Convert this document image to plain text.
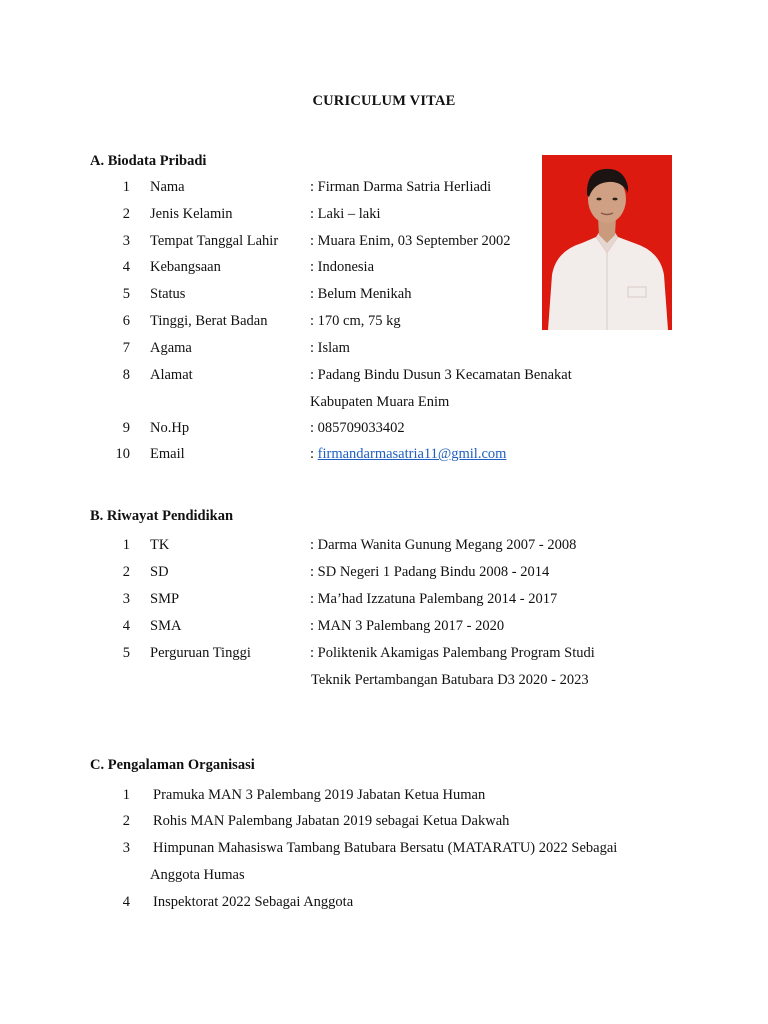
CURICULUM VITAE
A. Biodata Pribadi
1 Nama	: Firman Darma Satria Herliadi
2 Jenis Kelamin	: Laki – laki
3 Tempat Tanggal Lahir : Muara Enim, 03 September 2002
4 Kebangsaan	: Indonesia
5 Status	: Belum Menikah
6 Tinggi, Berat Badan	: 170 cm, 75 kg
7 Agama	: Islam
8 Alamat	: Padang Bindu Dusun 3 Kecamatan Benakat
Kabupaten Muara Enim
9 No.Hp	: 085709033402
10 Email	: firmandarmasatria11@gmil.com
B. Riwayat Pendidikan
1 TK	: Darma Wanita Gunung Megang 2007 - 2008
2 SD	: SD Negeri 1 Padang Bindu 2008 - 2014
3 SMP	: Ma’had Izzatuna Palembang 2014 - 2017
4 SMA	: MAN 3 Palembang 2017 - 2020
5 Perguruan Tinggi	: Poliktenik Akamigas Palembang Program Studi
Teknik Pertambangan Batubara D3 2020 - 2023
C. Pengalaman Organisasi
1 Pramuka MAN 3 Palembang 2019 Jabatan Ketua Human
2 Rohis MAN Palembang Jabatan 2019 sebagai Ketua Dakwah
3 Himpunan Mahasiswa Tambang Batubara Bersatu (MATARATU) 2022 Sebagai
Anggota Humas
4 Inspektorat 2022 Sebagai Anggota
